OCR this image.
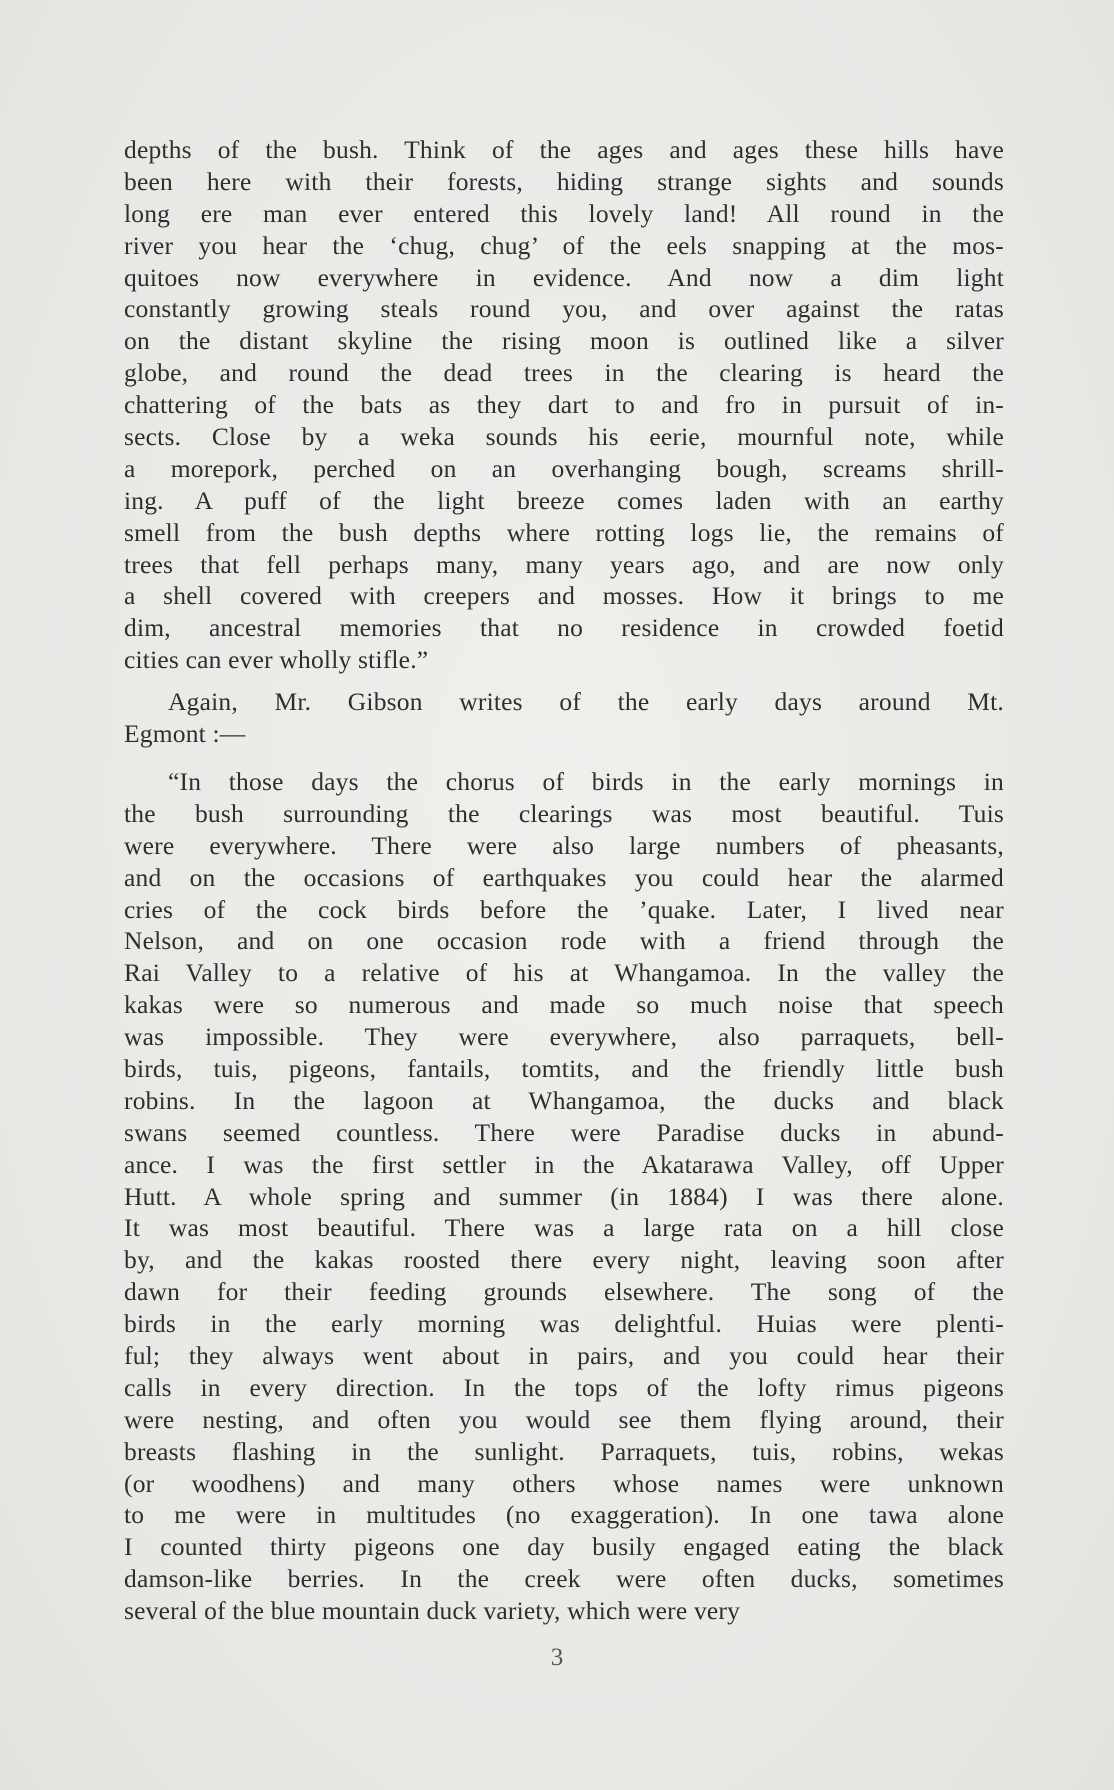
depths of the bush. Think of the ages and ages these hills have
been here with their forests, hiding strange sights and sounds
long ere man ever entered this lovely land! All round in the
river you hear the ‘chug, chug’ of the eels snapping at the mos-
quitoes now everywhere in evidence. And now a dim light
constantly growing steals round you, and over against the ratas
on the distant skyline the rising moon is outlined like a silver
globe, and round the dead trees in the clearing is heard the
chattering of the bats as they dart to and fro in pursuit of in-
sects. Close by a weka sounds his eerie, mournful note, while
a morepork, perched on an overhanging bough, screams shrill-
ing. A puff of the light breeze comes laden with an earthy
smell from the bush depths where rotting logs lie, the remains of
trees that fell perhaps many, many years ago, and are now only
a shell covered with creepers and mosses. How it brings to me
dim, ancestral memories that no residence in crowded foetid
cities can ever wholly stifle.”
Again, Mr. Gibson writes of the early days around Mt.
Egmont :—
“In those days the chorus of birds in the early mornings in
the bush surrounding the clearings was most beautiful. Tuis
were everywhere. There were also large numbers of pheasants,
and on the occasions of earthquakes you could hear the alarmed
cries of the cock birds before the ’quake. Later, I lived near
Nelson, and on one occasion rode with a friend through the
Rai Valley to a relative of his at Whangamoa. In the valley the
kakas were so numerous and made so much noise that speech
was impossible. They were everywhere, also parraquets, bell-
birds, tuis, pigeons, fantails, tomtits, and the friendly little bush
robins. In the lagoon at Whangamoa, the ducks and black
swans seemed countless. There were Paradise ducks in abund-
ance. I was the first settler in the Akatarawa Valley, off Upper
Hutt. A whole spring and summer (in 1884) I was there alone.
It was most beautiful. There was a large rata on a hill close
by, and the kakas roosted there every night, leaving soon after
dawn for their feeding grounds elsewhere. The song of the
birds in the early morning was delightful. Huias were plenti-
ful; they always went about in pairs, and you could hear their
calls in every direction. In the tops of the lofty rimus pigeons
were nesting, and often you would see them flying around, their
breasts flashing in the sunlight. Parraquets, tuis, robins, wekas
(or woodhens) and many others whose names were unknown
to me were in multitudes (no exaggeration). In one tawa alone
I counted thirty pigeons one day busily engaged eating the black
damson-like berries. In the creek were often ducks, sometimes
several of the blue mountain duck variety, which were very
3
